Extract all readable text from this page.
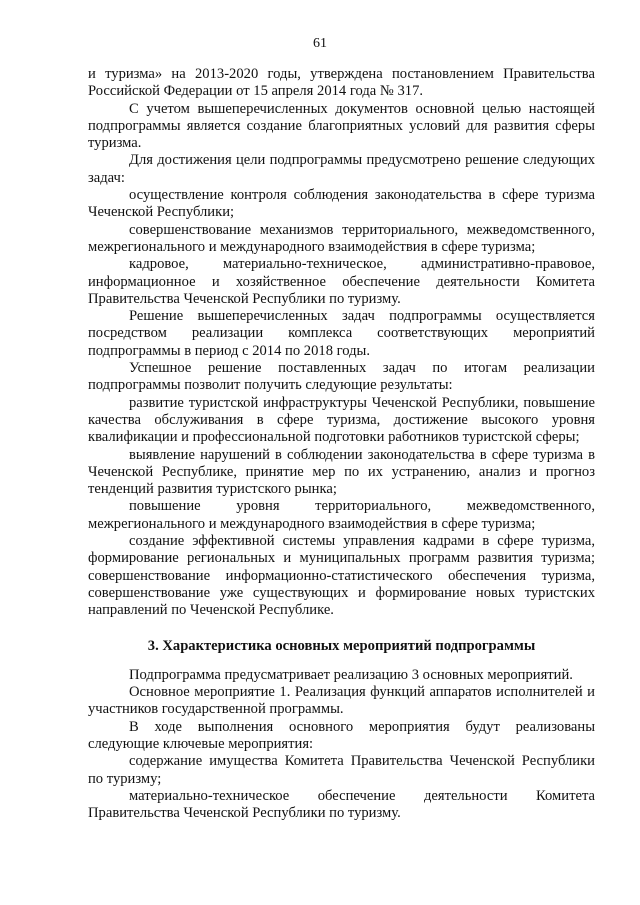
61

и туризма» на 2013-2020 годы, утверждена постановлением Правительства Российской Федерации от 15 апреля 2014 года № 317.

С учетом вышеперечисленных документов основной целью настоящей подпрограммы является создание благоприятных условий для развития сферы туризма.

Для достижения цели подпрограммы предусмотрено решение следующих задач:

осуществление контроля соблюдения законодательства в сфере туризма Чеченской Республики;

совершенствование механизмов территориального, межведомственного, межрегионального и международного взаимодействия в сфере туризма;

кадровое, материально-техническое, административно-правовое, информационное и хозяйственное обеспечение деятельности Комитета Правительства Чеченской Республики по туризму.

Решение вышеперечисленных задач подпрограммы осуществляется посредством реализации комплекса соответствующих мероприятий подпрограммы в период с 2014 по 2018 годы.

Успешное решение поставленных задач по итогам реализации подпрограммы позволит получить следующие результаты:

развитие туристской инфраструктуры Чеченской Республики, повышение качества обслуживания в сфере туризма, достижение высокого уровня квалификации и профессиональной подготовки работников туристской сферы;

выявление нарушений в соблюдении законодательства в сфере туризма в Чеченской Республике, принятие мер по их устранению, анализ и прогноз тенденций развития туристского рынка;

повышение уровня территориального, межведомственного, межрегионального и международного взаимодействия в сфере туризма;

создание эффективной системы управления кадрами в сфере туризма, формирование региональных и муниципальных программ развития туризма; совершенствование информационно-статистического обеспечения туризма, совершенствование уже существующих и формирование новых туристских направлений по Чеченской Республике.

3. Характеристика основных мероприятий подпрограммы

Подпрограмма предусматривает реализацию 3 основных мероприятий.

Основное мероприятие 1. Реализация функций аппаратов исполнителей и участников государственной программы.

В ходе выполнения основного мероприятия будут реализованы следующие ключевые мероприятия:

содержание имущества Комитета Правительства Чеченской Республики по туризму;

материально-техническое обеспечение деятельности Комитета Правительства Чеченской Республики по туризму.
